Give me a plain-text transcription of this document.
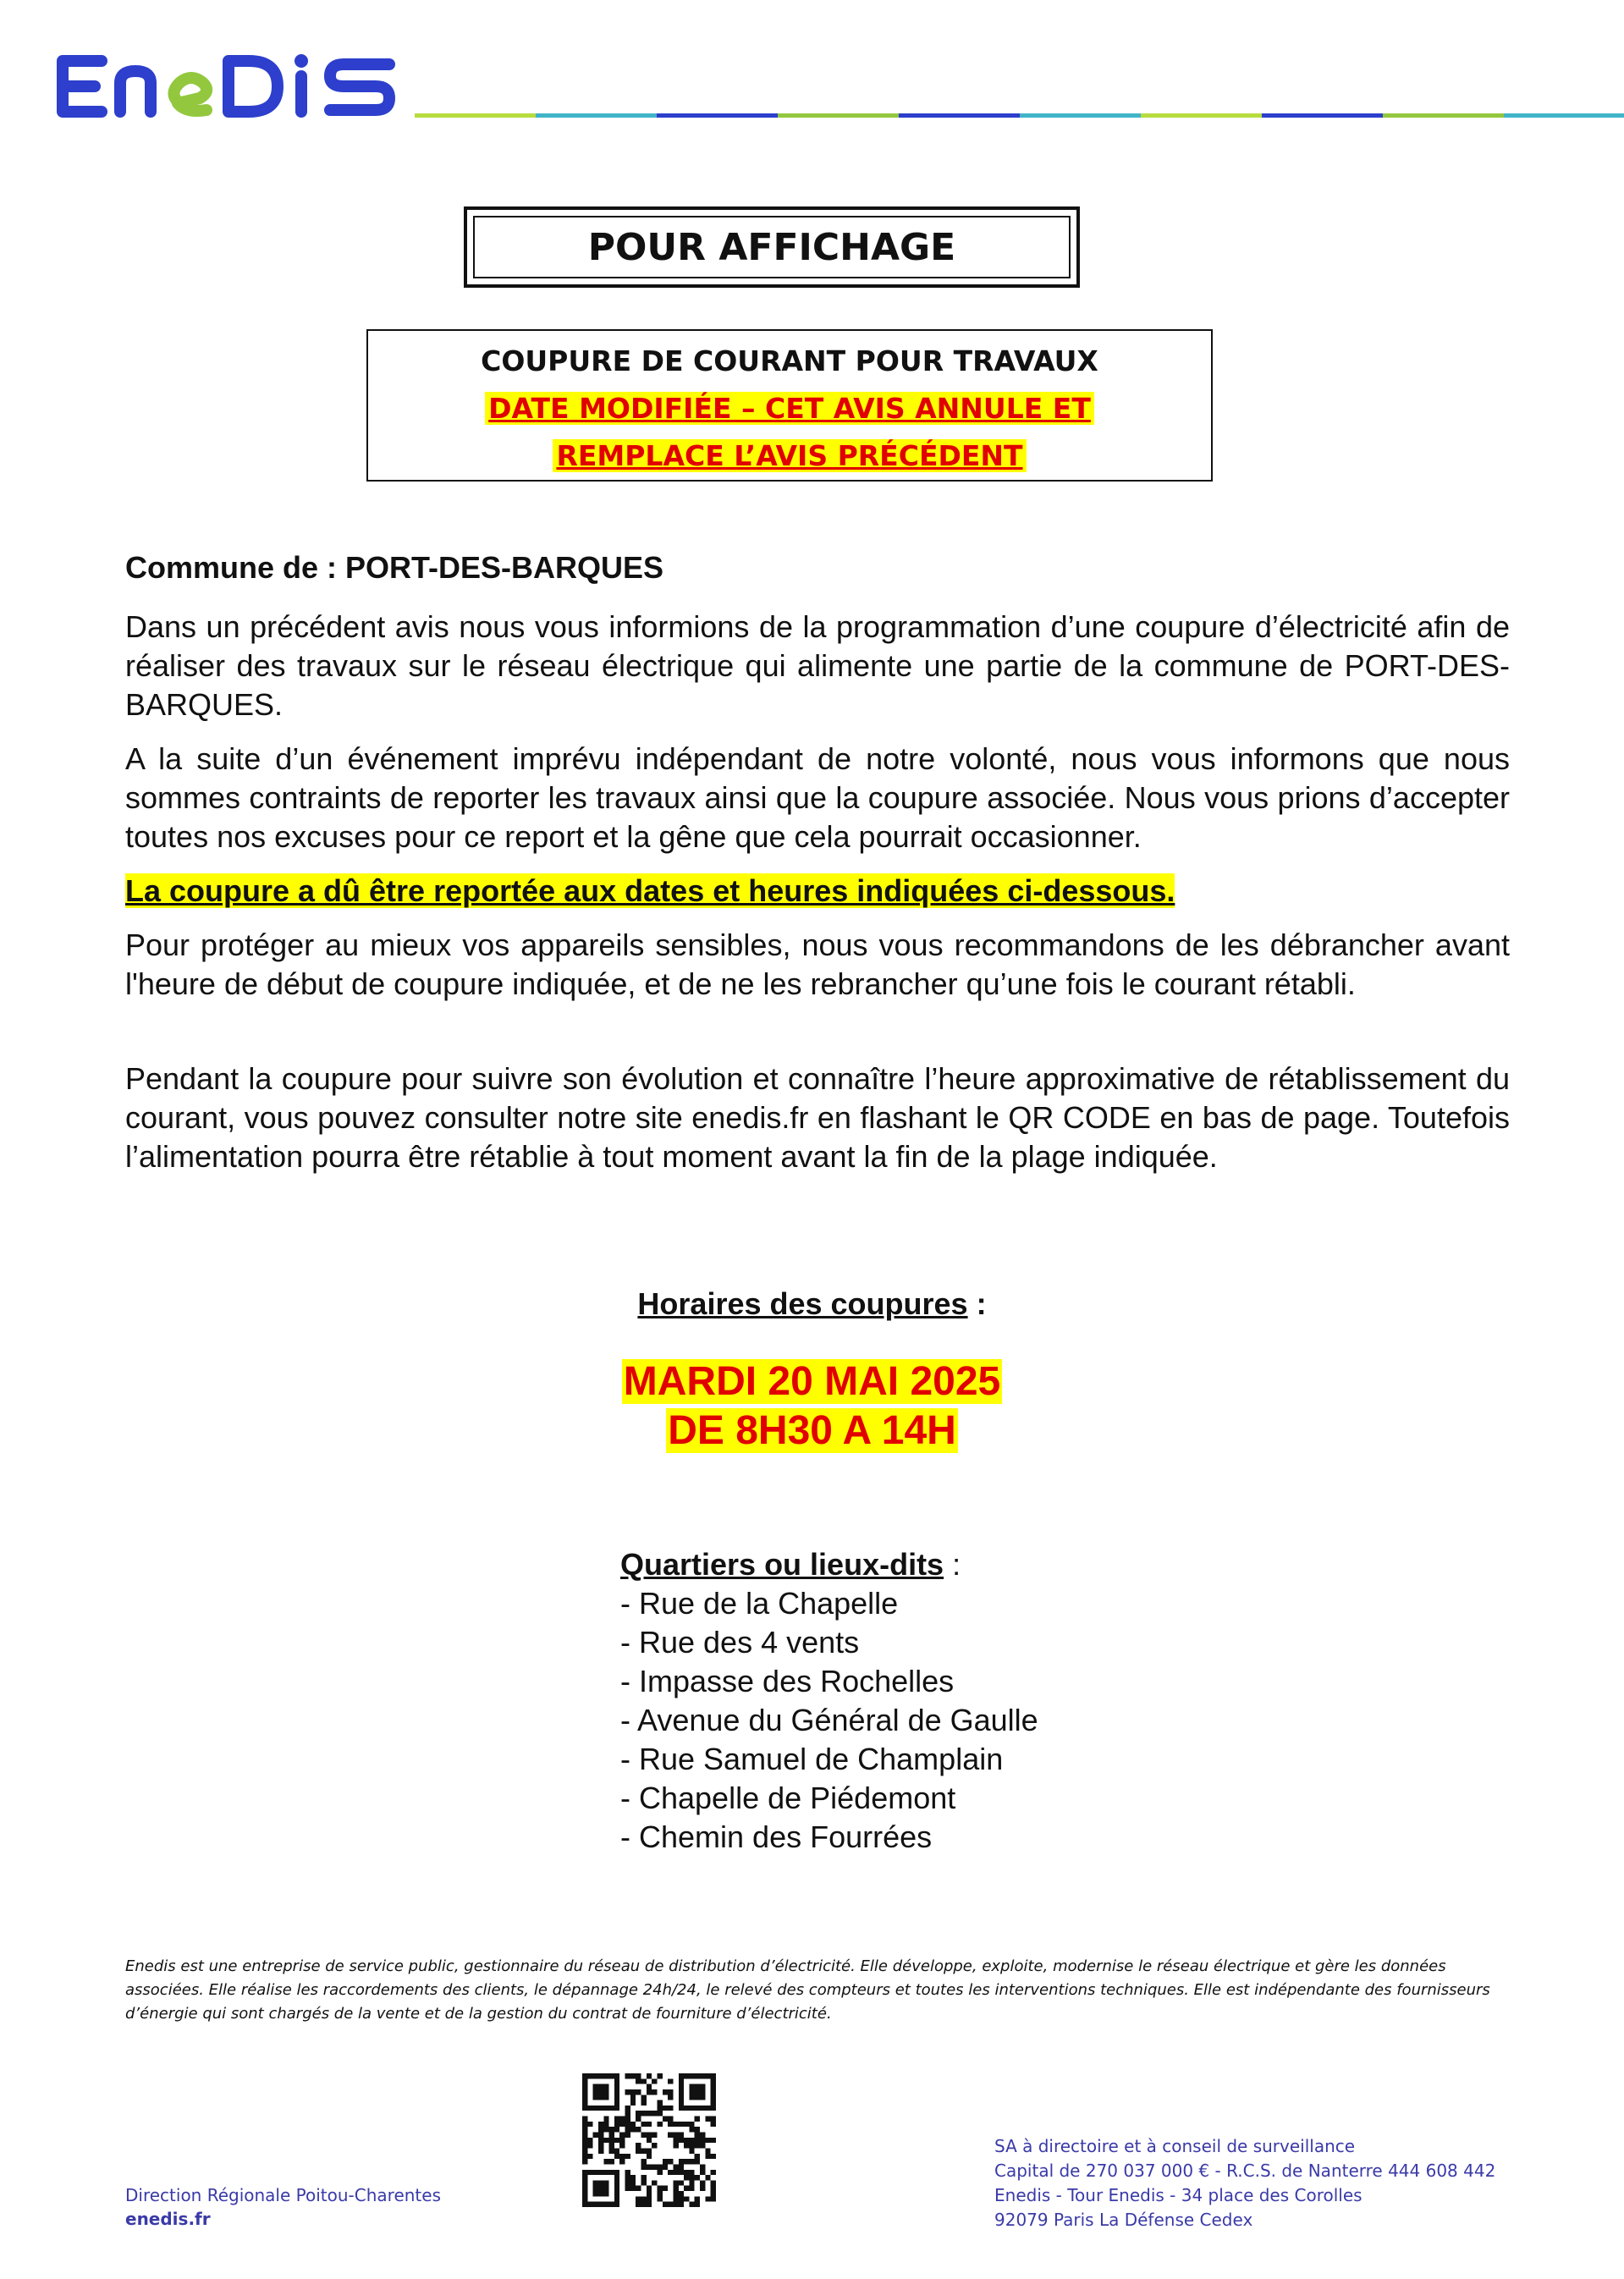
POUR AFFICHAGE
COUPURE DE COURANT POUR TRAVAUX
DATE MODIFIÉE – CET AVIS ANNULE ET
REMPLACE L’AVIS PRÉCÉDENT
Commune de : PORT-DES-BARQUES

Dans un précédent avis nous vous informions de la programmation d’une coupure d’électricité afin de réaliser des travaux sur le réseau électrique qui alimente une partie de la commune de PORT-DES-BARQUES.

A la suite d’un événement imprévu indépendant de notre volonté, nous vous informons que nous sommes contraints de reporter les travaux ainsi que la coupure associée. Nous vous prions d’accepter toutes nos excuses pour ce report et la gêne que cela pourrait occasionner.

La coupure a dû être reportée aux dates et heures indiquées ci-dessous.

Pour protéger au mieux vos appareils sensibles, nous vous recommandons de les débrancher avant l'heure de début de coupure indiquée, et de ne les rebrancher qu’une fois le courant rétabli.

Pendant la coupure pour suivre son évolution et connaître l’heure approximative de rétablissement du courant, vous pouvez consulter notre site enedis.fr en flashant le QR CODE en bas de page. Toutefois l’alimentation pourra être rétablie à tout moment avant la fin de la plage indiquée.

Horaires des coupures :
MARDI 20 MAI 2025
DE 8H30 A 14H
Quartiers ou lieux-dits :
- Rue de la Chapelle
- Rue des 4 vents
- Impasse des Rochelles
- Avenue du Général de Gaulle
- Rue Samuel de Champlain
- Chapelle de Piédemont
- Chemin des Fourrées
Enedis est une entreprise de service public, gestionnaire du réseau de distribution d’électricité. Elle développe, exploite, modernise le réseau électrique et gère les données associées. Elle réalise les raccordements des clients, le dépannage 24h/24, le relevé des compteurs et toutes les interventions techniques. Elle est indépendante des fournisseurs d’énergie qui sont chargés de la vente et de la gestion du contrat de fourniture d’électricité.
Direction Régionale Poitou-Charentes
enedis.fr
SA à directoire et à conseil de surveillance
Capital de 270 037 000 € - R.C.S. de Nanterre 444 608 442
Enedis - Tour Enedis - 34 place des Corolles
92079 Paris La Défense Cedex
